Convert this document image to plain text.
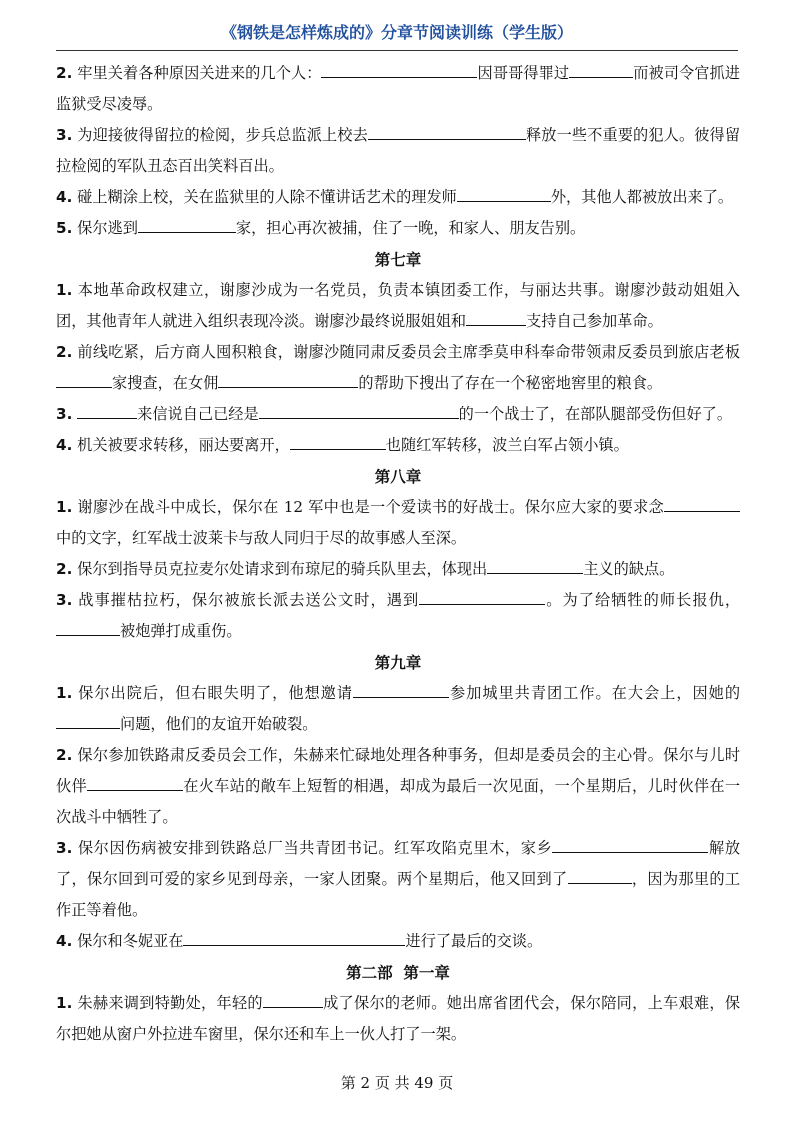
《钢铁是怎样炼成的》分章节阅读训练（学生版）

2. 牢里关着各种原因关进来的几个人：	因哥哥得罪过	而被司令官抓进监狱受尽凌辱。

3. 为迎接彼得留拉的检阅，步兵总监派上校去	释放一些不重要的犯人。彼得留拉检阅的军队丑态百出笑料百出。

4. 碰上糊涂上校，关在监狱里的人除不懂讲话艺术的理发师	外，其他人都被放出来了。

5. 保尔逃到	家，担心再次被捕，住了一晚，和家人、朋友告别。

第七章

1. 本地革命政权建立，谢廖沙成为一名党员，负责本镇团委工作，与丽达共事。谢廖沙鼓动姐姐入团，其他青年人就进入组织表现冷淡。谢廖沙最终说服姐姐和	支持自己参加革命。

2. 前线吃紧，后方商人囤积粮食，谢廖沙随同肃反委员会主席季莫申科奉命带领肃反委员到旅店老板家搜查，在女佣	的帮助下搜出了存在一个秘密地窖里的粮食。

3.	来信说自己已经是	的一个战士了，在部队腿部受伤但好了。

4. 机关被要求转移，丽达要离开，	也随红军转移，波兰白军占领小镇。

第八章

1. 谢廖沙在战斗中成长，保尔在 12 军中也是一个爱读书的好战士。保尔应大家的要求念中的文字，红军战士波莱卡与敌人同归于尽的故事感人至深。

2. 保尔到指导员克拉麦尔处请求到布琼尼的骑兵队里去，体现出	主义的缺点。

3. 战事摧枯拉朽，保尔被旅长派去送公文时，遇到	。为了给牺牲的师长报仇，被炮弹打成重伤。

第九章

1. 保尔出院后，但右眼失明了，他想邀请	参加城里共青团工作。在大会上，因她的问题，他们的友谊开始破裂。

2. 保尔参加铁路肃反委员会工作，朱赫来忙碌地处理各种事务，但却是委员会的主心骨。保尔与儿时伙伴	在火车站的敞车上短暂的相遇，却成为最后一次见面，一个星期后，儿时伙伴在一次战斗中牺牲了。

3. 保尔因伤病被安排到铁路总厂当共青团书记。红军攻陷克里木，家乡	解放了，保尔回到可爱的家乡见到母亲，一家人团聚。两个星期后，他又回到了	，因为那里的工作正等着他。

4. 保尔和冬妮亚在	进行了最后的交谈。

第二部  第一章

1. 朱赫来调到特勤处，年轻的	成了保尔的老师。她出席省团代会，保尔陪同，上车艰难，保尔把她从窗户外拉进车窗里，保尔还和车上一伙人打了一架。

第 2 页 共 49 页
